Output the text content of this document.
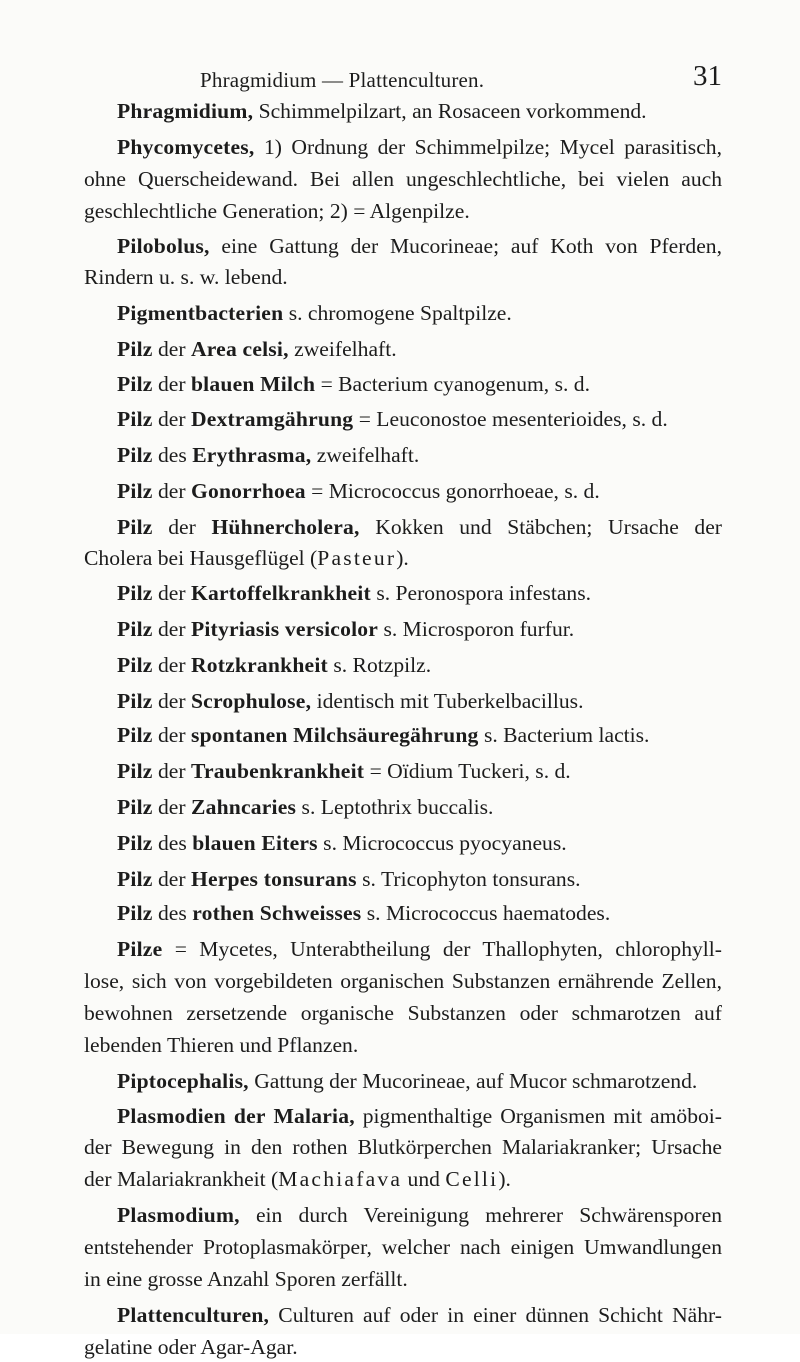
Phragmidium — Plattenculturen.	31
Phragmidium, Schimmelpilzart, an Rosaceen vorkommend.
Phycomycetes, 1) Ordnung der Schimmelpilze; Mycel parasitisch,
ohne Querscheidewand. Bei allen ungeschlechtliche, bei vielen auch
geschlechtliche Generation; 2) = Algenpilze.
Pilobolus, eine Gattung der Mucorineae; auf Koth von Pferden,
Rindern u. s. w. lebend.
Pigmentbacterien s. chromogene Spaltpilze.
Pilz der Area celsi, zweifelhaft.
Pilz der blauen Milch = Bacterium cyanogenum, s. d.
Pilz der Dextramgährung = Leuconostoe mesenterioides, s. d.
Pilz des Erythrasma, zweifelhaft.
Pilz der Gonorrhoea = Micrococcus gonorrhoeae, s. d.
Pilz der Hühnercholera, Kokken und Stäbchen; Ursache der
Cholera bei Hausgeflügel (Pasteur).
Pilz der Kartoffelkrankheit s. Peronospora infestans.
Pilz der Pityriasis versicolor s. Microsporon furfur.
Pilz der Rotzkrankheit s. Rotzpilz.
Pilz der Scrophulose, identisch mit Tuberkelbacillus.
Pilz der spontanen Milchsäuregährung s. Bacterium lactis.
Pilz der Traubenkrankheit = Oïdium Tuckeri, s. d.
Pilz der Zahncaries s. Leptothrix buccalis.
Pilz des blauen Eiters s. Micrococcus pyocyaneus.
Pilz der Herpes tonsurans s. Tricophyton tonsurans.
Pilz des rothen Schweisses s. Micrococcus haematodes.
Pilze = Mycetes, Unterabtheilung der Thallophyten, chlorophyll-
lose, sich von vorgebildeten organischen Substanzen ernährende Zellen,
bewohnen zersetzende organische Substanzen oder schmarotzen auf
lebenden Thieren und Pflanzen.
Piptocephalis, Gattung der Mucorineae, auf Mucor schmarotzend.
Plasmodien der Malaria, pigmenthaltige Organismen mit amöboi-
der Bewegung in den rothen Blutkörperchen Malariakranker; Ursache
der Malariakrankheit (Machiafava und Celli).
Plasmodium, ein durch Vereinigung mehrerer Schwärensporen
entstehender Protoplasmakörper, welcher nach einigen Umwandlungen
in eine grosse Anzahl Sporen zerfällt.
Plattenculturen, Culturen auf oder in einer dünnen Schicht Nähr-
gelatine oder Agar-Agar.
